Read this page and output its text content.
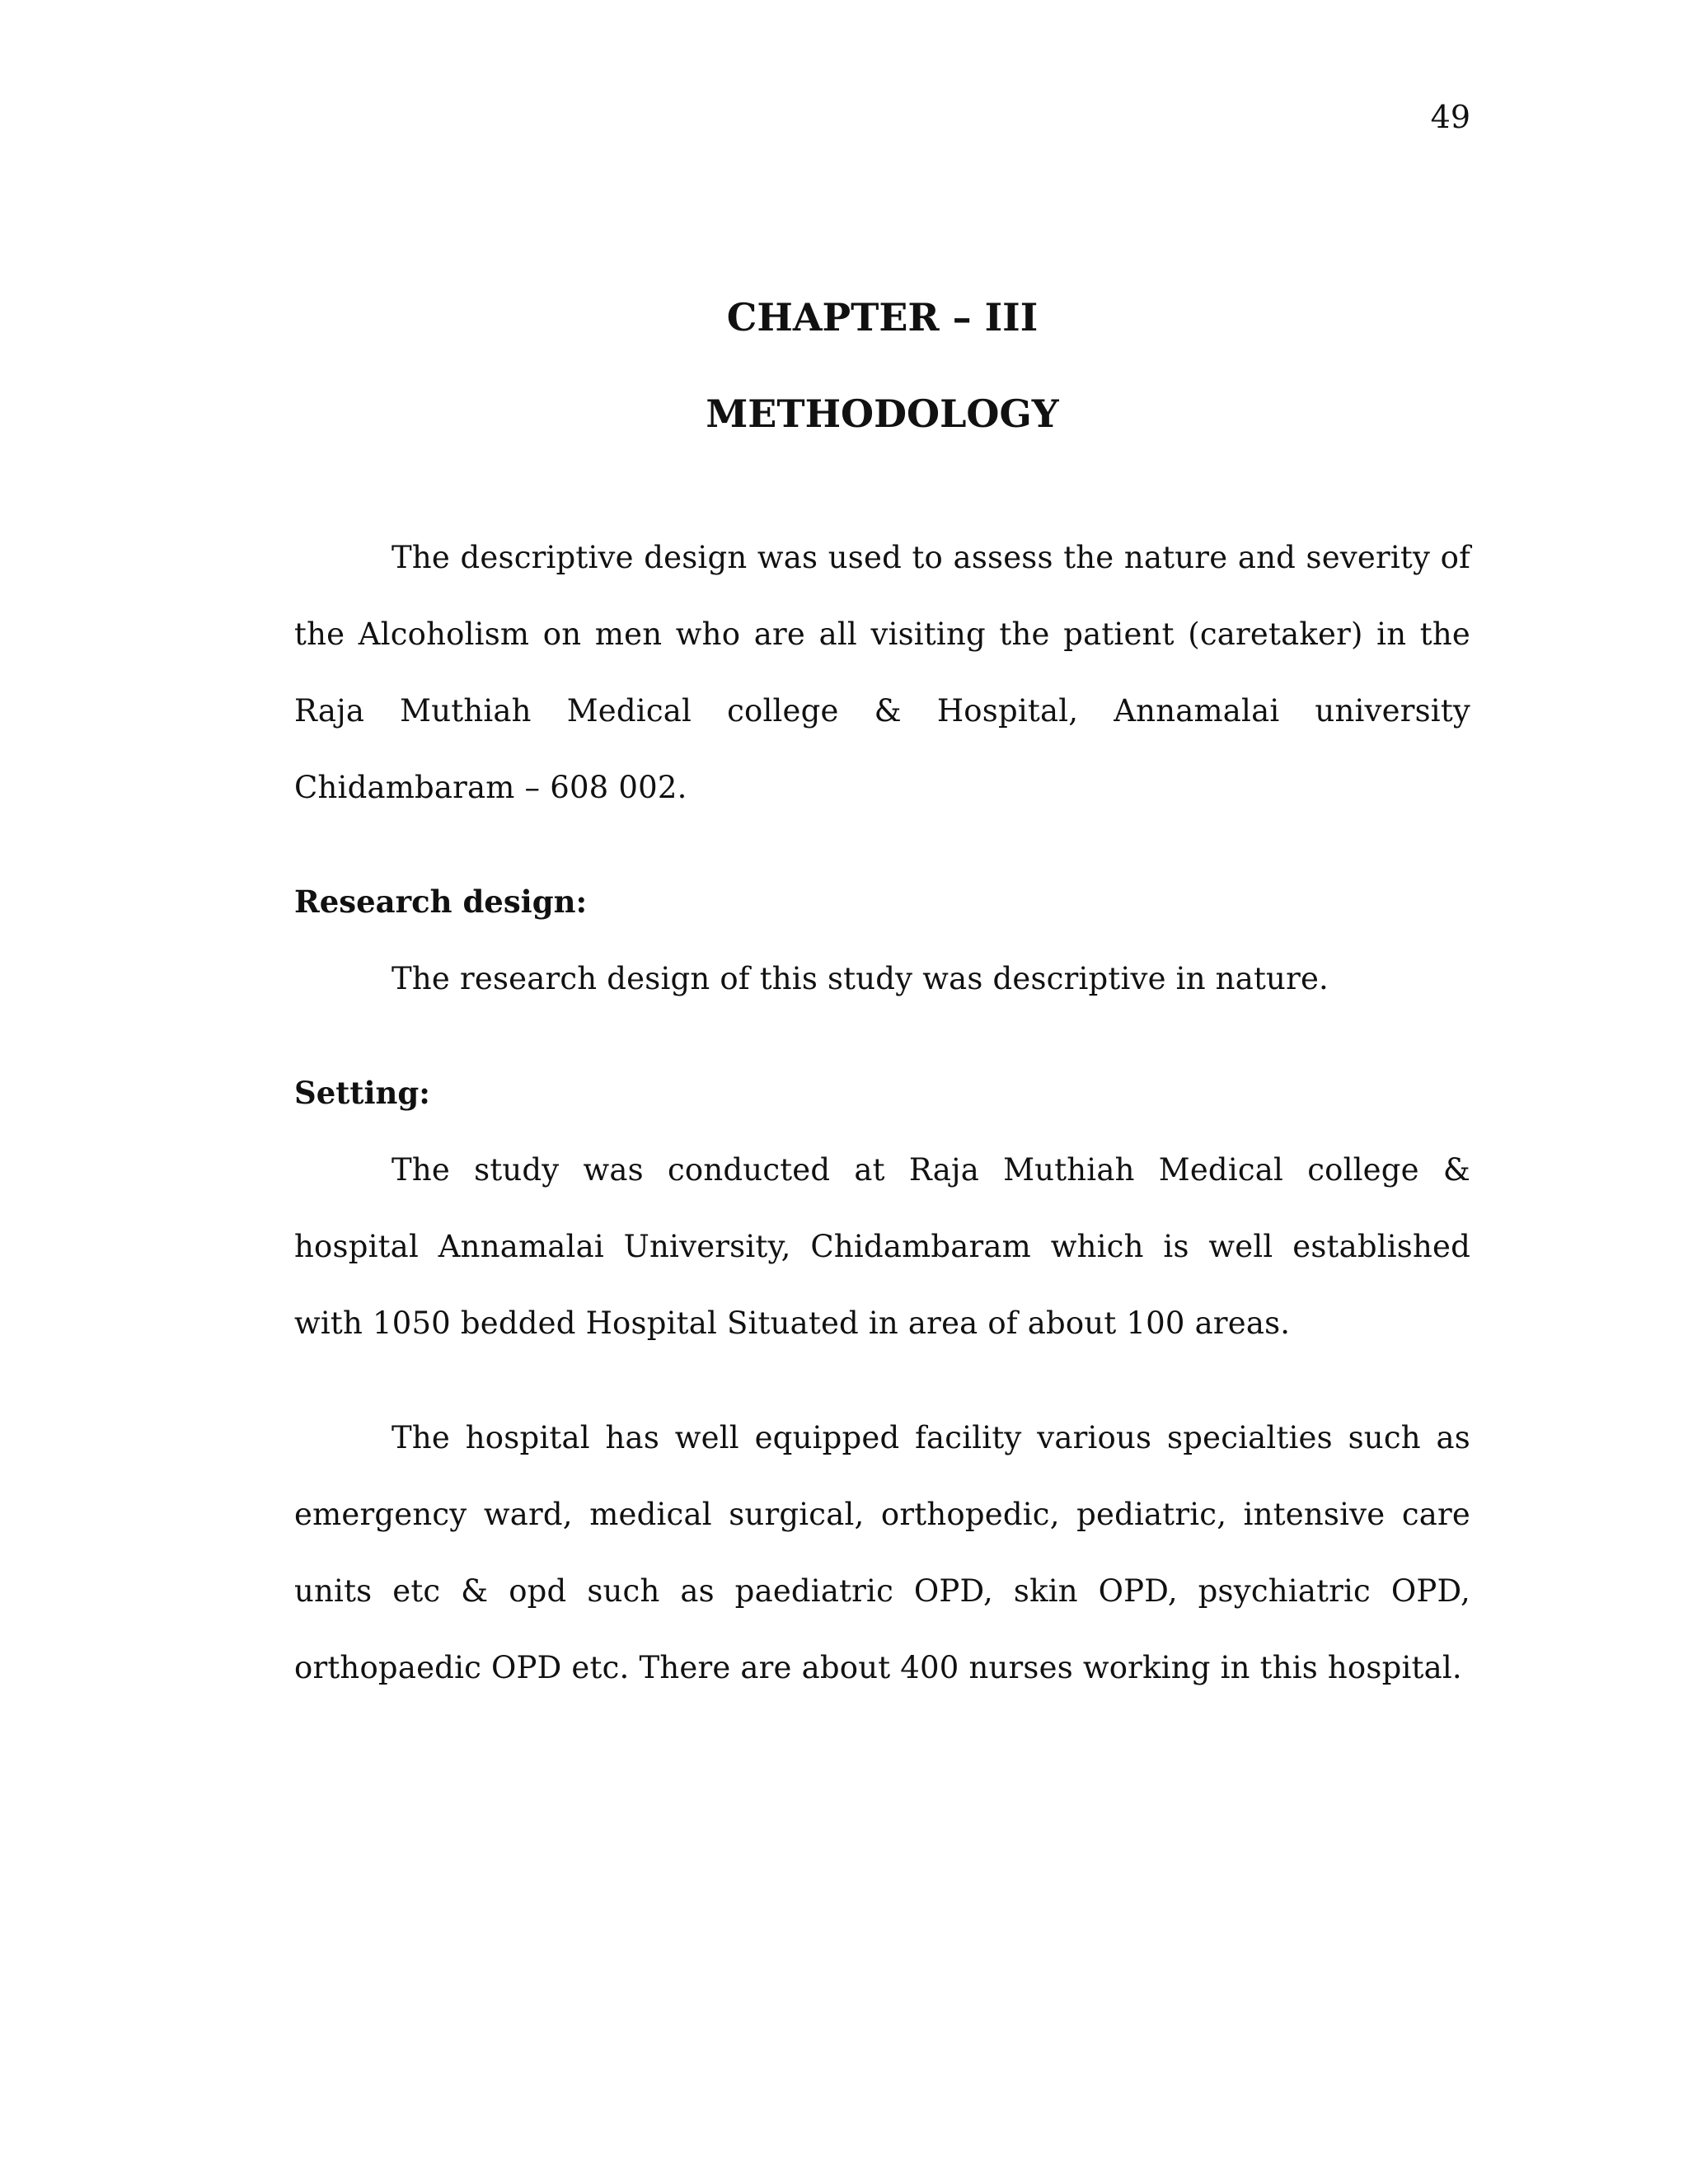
49
CHAPTER – III
METHODOLOGY

The descriptive design was used to assess the nature and severity of the Alcoholism on men who are all visiting the patient (caretaker) in the Raja Muthiah Medical college & Hospital, Annamalai university Chidambaram – 608 002.

Research design:

The research design of this study was descriptive in nature.

Setting:

The study was conducted at Raja Muthiah Medical college & hospital Annamalai University, Chidambaram which is well established with 1050 bedded Hospital Situated in area of about 100 areas.

The hospital has well equipped facility various specialties such as emergency ward, medical surgical, orthopedic, pediatric, intensive care units etc & opd such as paediatric OPD, skin OPD, psychiatric OPD, orthopaedic OPD etc. There are about 400 nurses working in this hospital.
